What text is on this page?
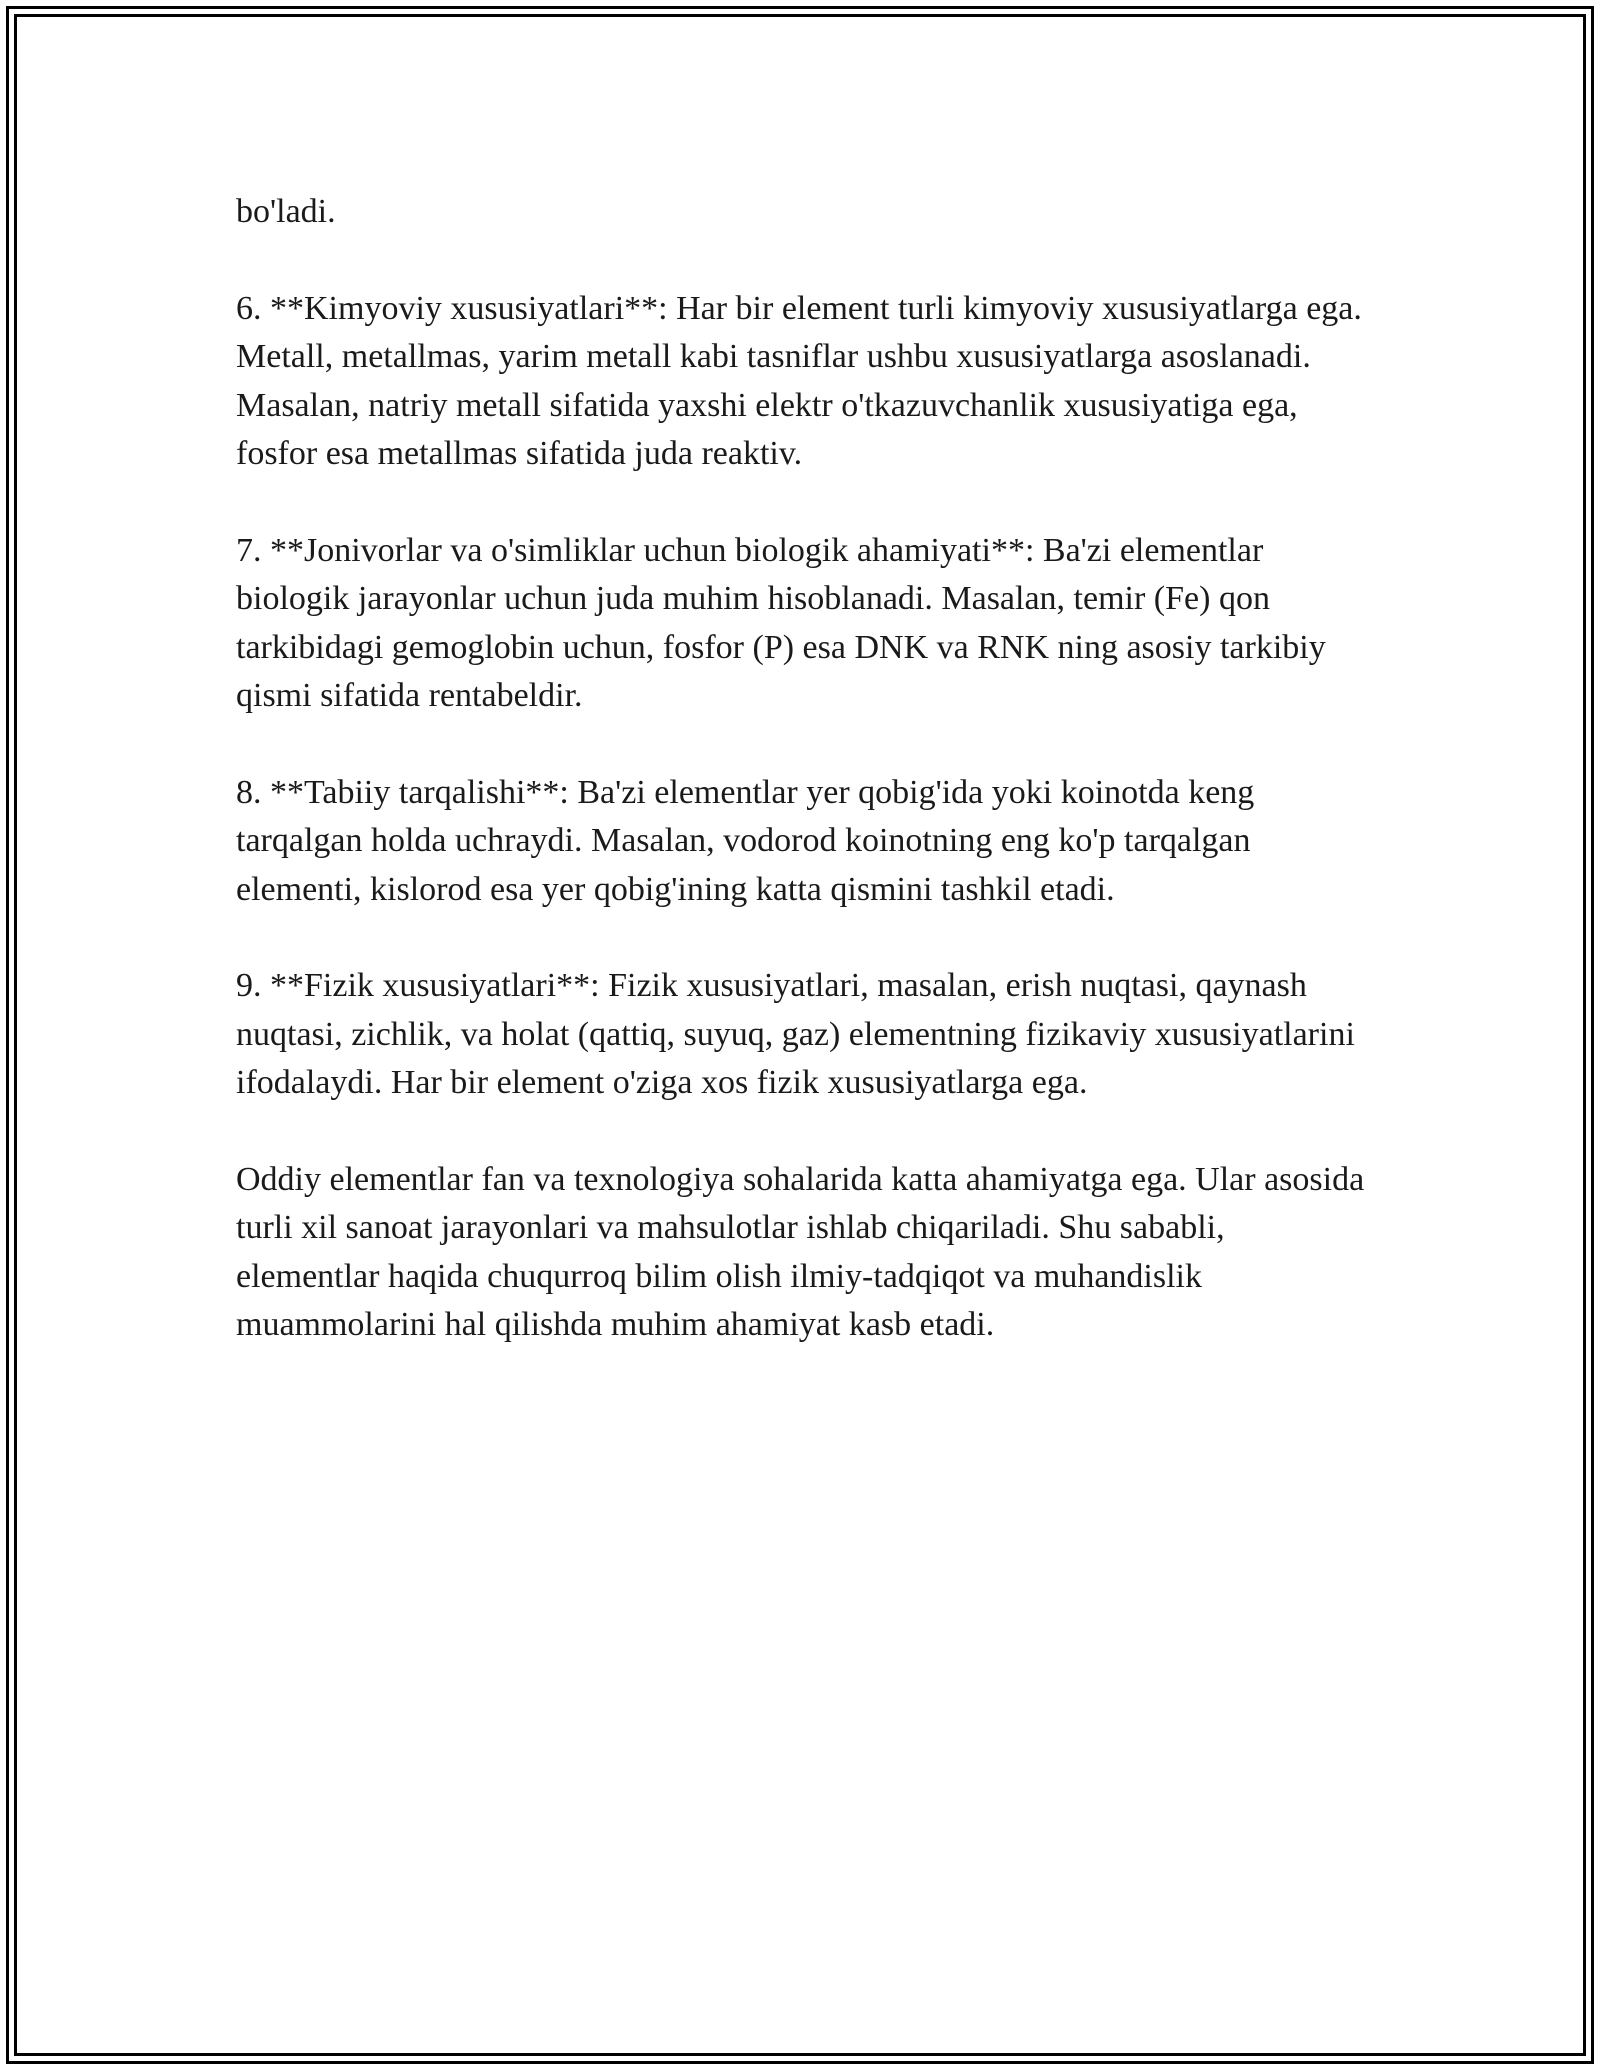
bo'ladi.

6. **Kimyoviy xususiyatlari**: Har bir element turli kimyoviy xususiyatlarga ega. Metall, metallmas, yarim metall kabi tasniflar ushbu xususiyatlarga asoslanadi. Masalan, natriy metall sifatida yaxshi elektr o'tkazuvchanlik xususiyatiga ega, fosfor esa metallmas sifatida juda reaktiv.

7. **Jonivorlar va o'simliklar uchun biologik ahamiyati**: Ba'zi elementlar biologik jarayonlar uchun juda muhim hisoblanadi. Masalan, temir (Fe) qon tarkibidagi gemoglobin uchun, fosfor (P) esa DNK va RNK ning asosiy tarkibiy qismi sifatida rentabeldir.

8. **Tabiiy tarqalishi**: Ba'zi elementlar yer qobig'ida yoki koinotda keng tarqalgan holda uchraydi. Masalan, vodorod koinotning eng ko'p tarqalgan elementi, kislorod esa yer qobig'ining katta qismini tashkil etadi.

9. **Fizik xususiyatlari**: Fizik xususiyatlari, masalan, erish nuqtasi, qaynash nuqtasi, zichlik, va holat (qattiq, suyuq, gaz) elementning fizikaviy xususiyatlarini ifodalaydi. Har bir element o'ziga xos fizik xususiyatlarga ega.

Oddiy elementlar fan va texnologiya sohalarida katta ahamiyatga ega. Ular asosida turli xil sanoat jarayonlari va mahsulotlar ishlab chiqariladi. Shu sababli, elementlar haqida chuqurroq bilim olish ilmiy-tadqiqot va muhandislik muammolarini hal qilishda muhim ahamiyat kasb etadi.
